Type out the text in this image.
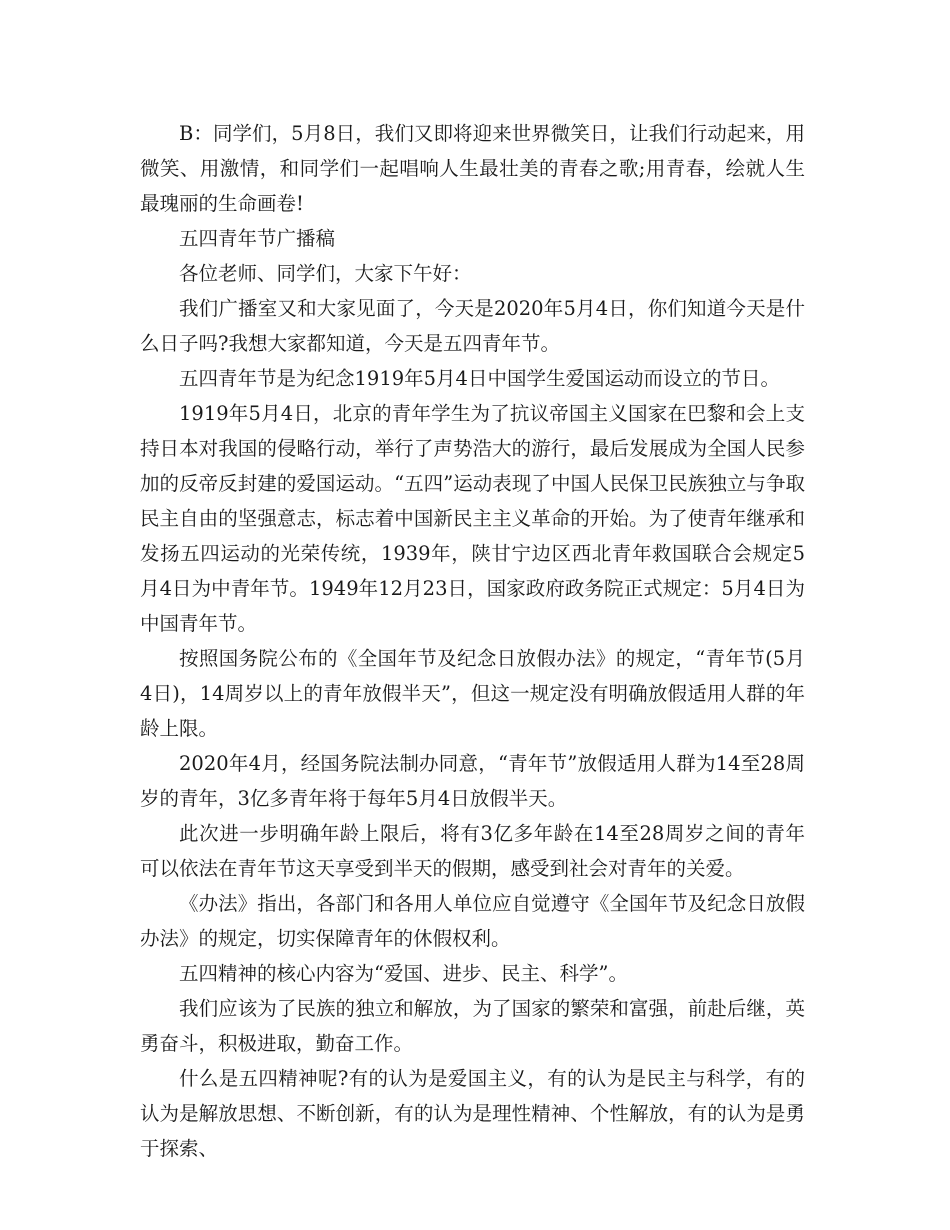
B：同学们，5月8日，我们又即将迎来世界微笑日，让我们行动起来，用微笑、用激情，和同学们一起唱响人生最壮美的青春之歌;用青春，绘就人生最瑰丽的生命画卷!

五四青年节广播稿

各位老师、同学们，大家下午好：

我们广播室又和大家见面了，今天是2020年5月4日，你们知道今天是什么日子吗?我想大家都知道，今天是五四青年节。

五四青年节是为纪念1919年5月4日中国学生爱国运动而设立的节日。

1919年5月4日，北京的青年学生为了抗议帝国主义国家在巴黎和会上支持日本对我国的侵略行动，举行了声势浩大的游行，最后发展成为全国人民参加的反帝反封建的爱国运动。“五四”运动表现了中国人民保卫民族独立与争取民主自由的坚强意志，标志着中国新民主主义革命的开始。为了使青年继承和发扬五四运动的光荣传统，1939年，陕甘宁边区西北青年救国联合会规定5月4日为中青年节。1949年12月23日，国家政府政务院正式规定：5月4日为中国青年节。

按照国务院公布的《全国年节及纪念日放假办法》的规定，“青年节(5月4日)，14周岁以上的青年放假半天”，但这一规定没有明确放假适用人群的年龄上限。

2020年4月，经国务院法制办同意，“青年节”放假适用人群为14至28周岁的青年，3亿多青年将于每年5月4日放假半天。

此次进一步明确年龄上限后，将有3亿多年龄在14至28周岁之间的青年可以依法在青年节这天享受到半天的假期，感受到社会对青年的关爱。

《办法》指出，各部门和各用人单位应自觉遵守《全国年节及纪念日放假办法》的规定，切实保障青年的休假权利。

五四精神的核心内容为“爱国、进步、民主、科学”。

我们应该为了民族的独立和解放，为了国家的繁荣和富强，前赴后继，英勇奋斗，积极进取，勤奋工作。

什么是五四精神呢?有的认为是爱国主义，有的认为是民主与科学，有的认为是解放思想、不断创新，有的认为是理性精神、个性解放，有的认为是勇于探索、
